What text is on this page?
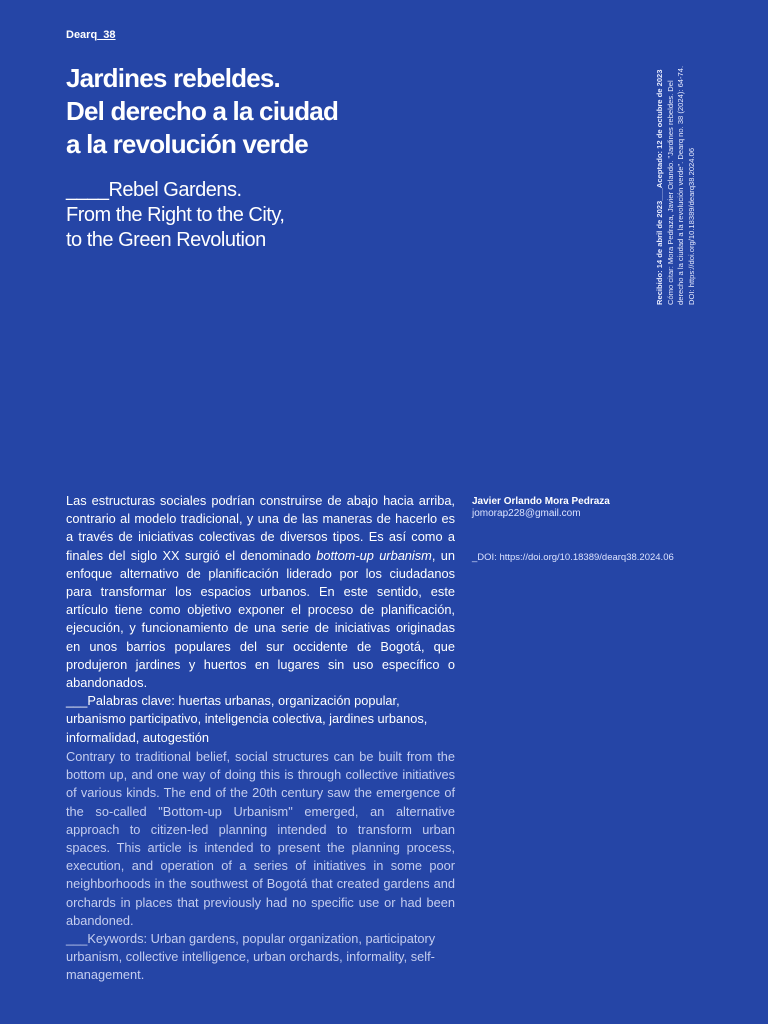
Dearq_38
Jardines rebeldes.
Del derecho a la ciudad
a la revolución verde
____Rebel Gardens.
From the Right to the City,
to the Green Revolution	Recibido: 14 de abril de 2023___Aceptado: 12 de octubre de 2023 Cómo citar: Mora Pedraza, Javier Orlando. "Jardines rebeldes. Del derecho a la ciudad a la revolución verde". Dearq no. 38 (2024): 64-74. DOI: https://doi.org/10.18389/dearq38.2024.06

Las estructuras sociales podrían construirse de abajo hacia arriba, contrario al modelo tradicional, y una de las maneras de hacerlo es a través de iniciativas colectivas de diversos tipos. Es así como a finales del siglo XX surgió el denominado bottom-up urbanism, un enfoque alternativo de planificación liderado por los ciudadanos para transformar los espacios urbanos. En este sentido, este artículo tiene como objetivo exponer el proceso de planificación, ejecución, y funcionamiento de una serie de iniciativas originadas en unos barrios populares del sur occidente de Bogotá, que produjeron jardines y huertos en lugares sin uso específico o abandonados.
___Palabras clave: huertas urbanas, organización popular, urbanismo participativo, inteligencia colectiva, jardines urbanos, informalidad, autogestión

Contrary to traditional belief, social structures can be built from the bottom up, and one way of doing this is through collective initiatives of various kinds. The end of the 20th century saw the emergence of the so-called "Bottom-up Urbanism" emerged, an alternative approach to citizen-led planning intended to transform urban spaces. This article is intended to present the planning process, execution, and operation of a series of initiatives in some poor neighborhoods in the southwest of Bogotá that created gardens and orchards in places that previously had no specific use or had been abandoned.
___Keywords: Urban gardens, popular organization, participatory urbanism, collective intelligence, urban orchards, informality, self-management.

Javier Orlando Mora Pedraza
jomorap228@gmail.com
_DOI: https://doi.org/10.18389/dearq38.2024.06
